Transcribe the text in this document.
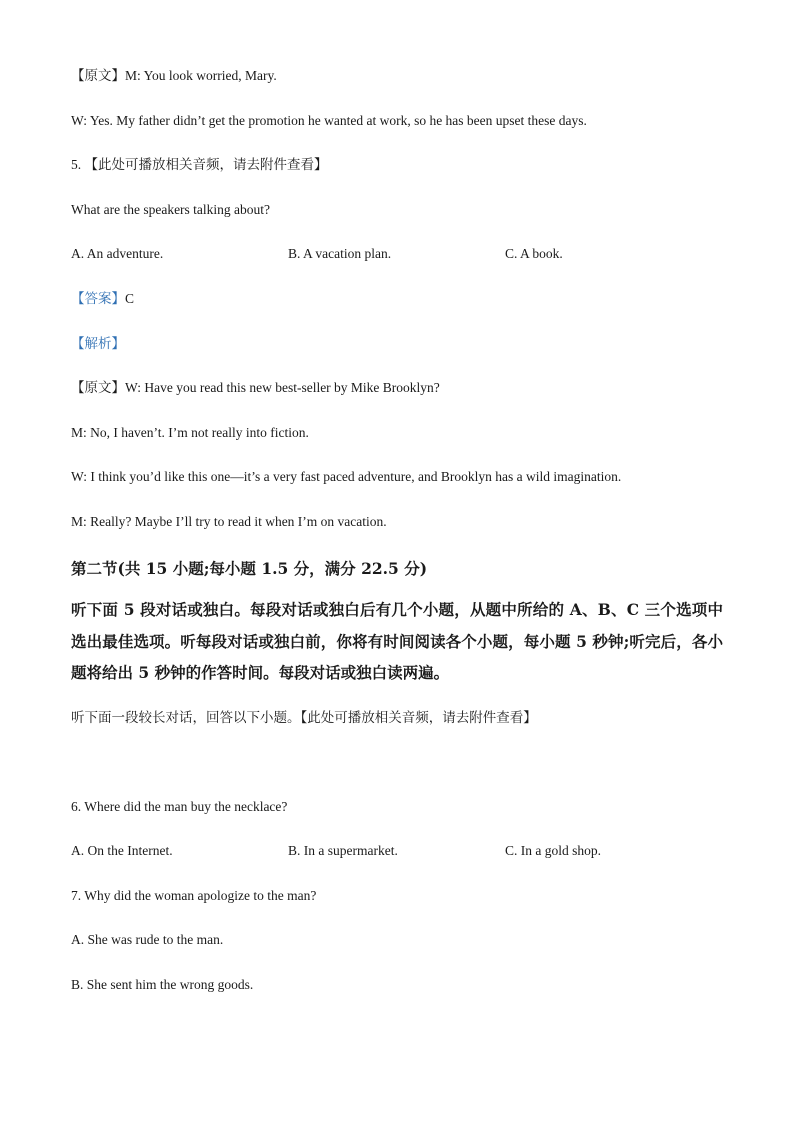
【原文】M: You look worried, Mary.
W: Yes. My father didn’t get the promotion he wanted at work, so he has been upset these days.
5. 【此处可播放相关音频，请去附件查看】
What are the speakers talking about?
A. An adventure.	B. A vacation plan.	C. A book.
【答案】C
【解析】
【原文】W: Have you read this new best-seller by Mike Brooklyn?
M: No, I haven’t. I’m not really into fiction.
W: I think you’d like this one—it’s a very fast paced adventure, and Brooklyn has a wild imagination.
M: Really? Maybe I’ll try to read it when I’m on vacation.
第二节(共 15 小题;每小题 1.5 分，满分 22.5 分)
听下面 5 段对话或独白。每段对话或独白后有几个小题，从题中所给的 A、B、C 三个选项中选出最佳选项。听每段对话或独白前，你将有时间阅读各个小题，每小题 5 秒钟;听完后，各小题将给出 5 秒钟的作答时间。每段对话或独白读两遍。
听下面一段较长对话，回答以下小题。【此处可播放相关音频，请去附件查看】
6. Where did the man buy the necklace?
A. On the Internet.	B. In a supermarket.	C. In a gold shop.
7. Why did the woman apologize to the man?
A. She was rude to the man.
B. She sent him the wrong goods.
